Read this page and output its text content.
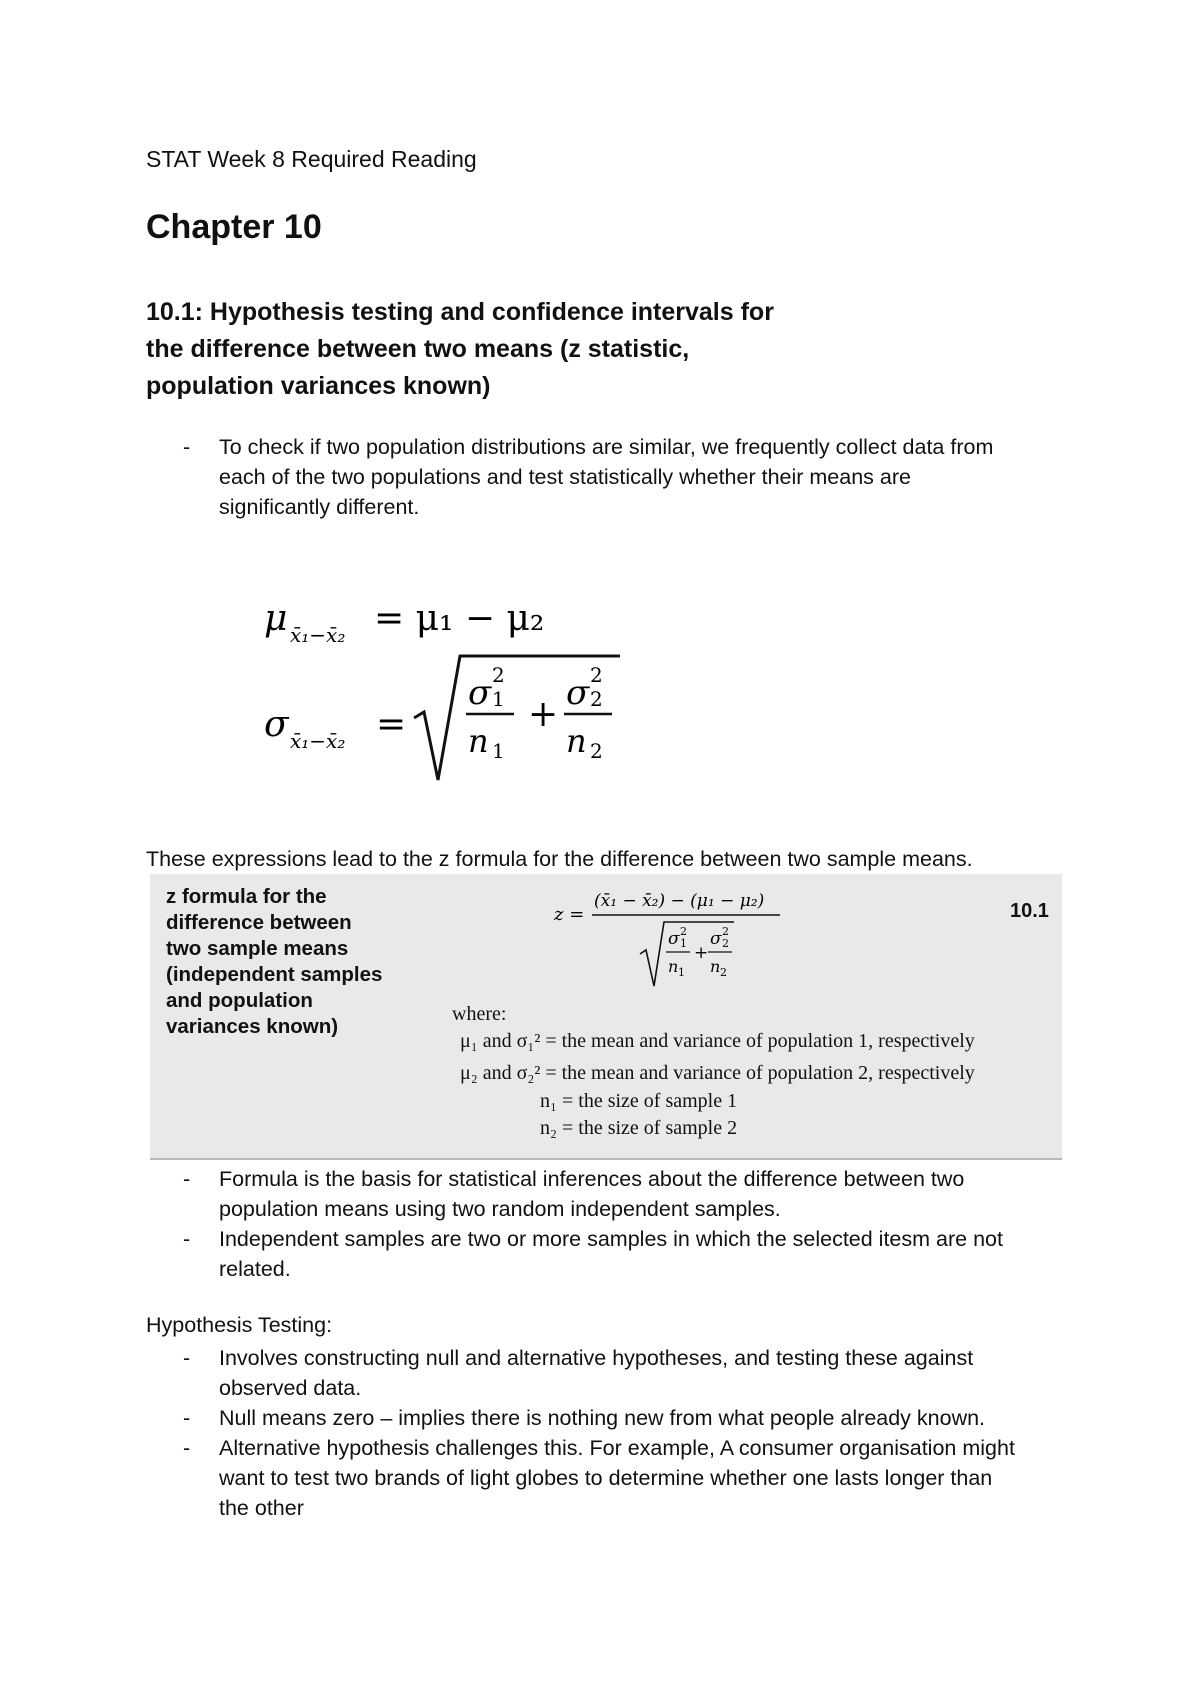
STAT Week 8 Required Reading
Chapter 10
10.1: Hypothesis testing and confidence intervals for
the difference between two means (z statistic,
population variances known)
- To check if two population distributions are similar, we frequently collect data from
each of the two populations and test statistically whether their means are
significantly different.
μ x̄₁−x̄₂ = μ₁ − μ₂
σ x̄₁−x̄₂ =
σ 2
1
n 1
+
σ 2
2
n 2
These expressions lead to the z formula for the difference between two sample means.
z formula for the
difference between
two sample means
(independent samples
and population
variances known)
10.1
z =
(x̄₁ − x̄₂) − (μ₁ − μ₂)
σ 2
1
n 1
+
σ 2
2
n 2
where:
μ₁ and σ₁² = the mean and variance of population 1, respectively
μ₂ and σ₂² = the mean and variance of population 2, respectively
n₁ = the size of sample 1
n₂ = the size of sample 2
- Formula is the basis for statistical inferences about the difference between two
population means using two random independent samples.
- Independent samples are two or more samples in which the selected itesm are not
related.
Hypothesis Testing:
- Involves constructing null and alternative hypotheses, and testing these against
observed data.
- Null means zero – implies there is nothing new from what people already known.
- Alternative hypothesis challenges this. For example, A consumer organisation might
want to test two brands of light globes to determine whether one lasts longer than
the other
